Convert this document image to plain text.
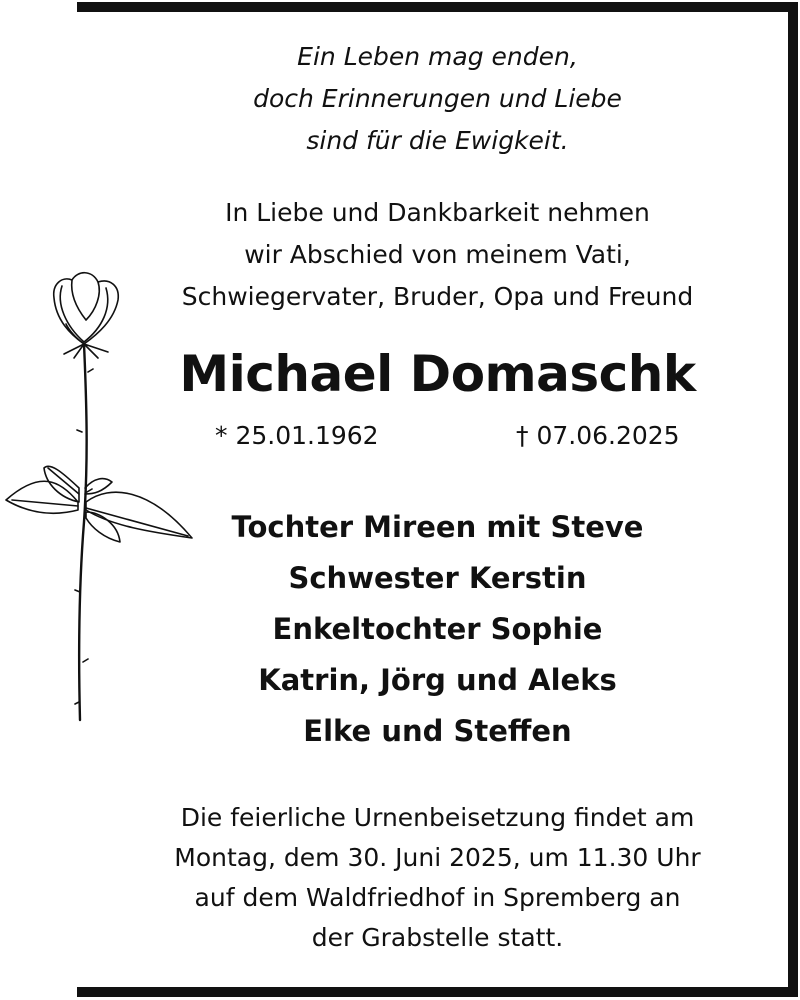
Ein Leben mag enden,
doch Erinnerungen und Liebe
sind für die Ewigkeit.
In Liebe und Dankbarkeit nehmen
wir Abschied von meinem Vati,
Schwiegervater, Bruder, Opa und Freund
Michael Domaschk
* 25.01.1962	† 07.06.2025
Tochter Mireen mit Steve
Schwester Kerstin
Enkeltochter Sophie
Katrin, Jörg und Aleks
Elke und Steffen
Die feierliche Urnenbeisetzung findet am
Montag, dem 30. Juni 2025, um 11.30 Uhr
auf dem Waldfriedhof in Spremberg an
der Grabstelle statt.
